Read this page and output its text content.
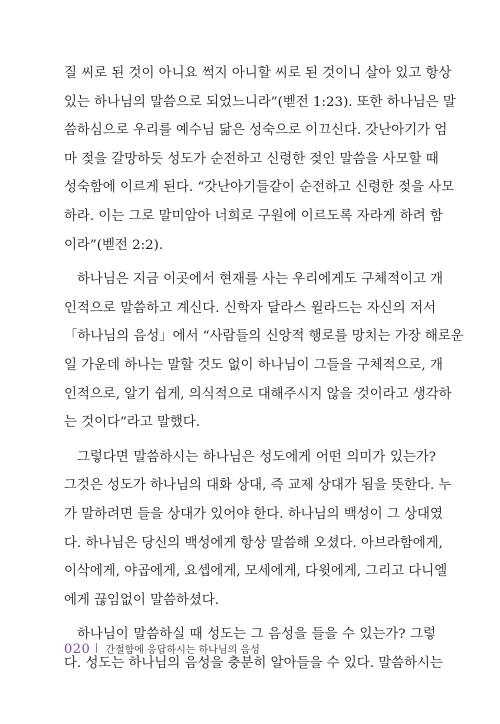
질 씨로 된 것이 아니요 썩지 아니할 씨로 된 것이니 살아 있고 항상
있는 하나님의 말씀으로 되었느니라”(벧전 1:23). 또한 하나님은 말
씀하심으로 우리를 예수님 닮은 성숙으로 이끄신다. 갓난아기가 엄
마 젖을 갈망하듯 성도가 순전하고 신령한 젖인 말씀을 사모할 때
성숙함에 이르게 된다. “갓난아기들같이 순전하고 신령한 젖을 사모
하라. 이는 그로 말미암아 너희로 구원에 이르도록 자라게 하려 함
이라”(벧전 2:2).
하나님은 지금 이곳에서 현재를 사는 우리에게도 구체적이고 개
인적으로 말씀하고 계신다. 신학자 달라스 윌라드는 자신의 저서
「하나님의 음성」에서 “사람들의 신앙적 행로를 망치는 가장 해로운
일 가운데 하나는 말할 것도 없이 하나님이 그들을 구체적으로, 개
인적으로, 알기 쉽게, 의식적으로 대해주시지 않을 것이라고 생각하
는 것이다”라고 말했다.
그렇다면 말씀하시는 하나님은 성도에게 어떤 의미가 있는가?
그것은 성도가 하나님의 대화 상대, 즉 교제 상대가 됨을 뜻한다. 누
가 말하려면 들을 상대가 있어야 한다. 하나님의 백성이 그 상대였
다. 하나님은 당신의 백성에게 항상 말씀해 오셨다. 아브라함에게,
이삭에게, 야곱에게, 요셉에게, 모세에게, 다윗에게, 그리고 다니엘
에게 끊임없이 말씀하셨다.
하나님이 말씀하실 때 성도는 그 음성을 들을 수 있는가? 그렇
다. 성도는 하나님의 음성을 충분히 알아들을 수 있다. 말씀하시는
020 간절함에 응답하시는 하나님의 음성
